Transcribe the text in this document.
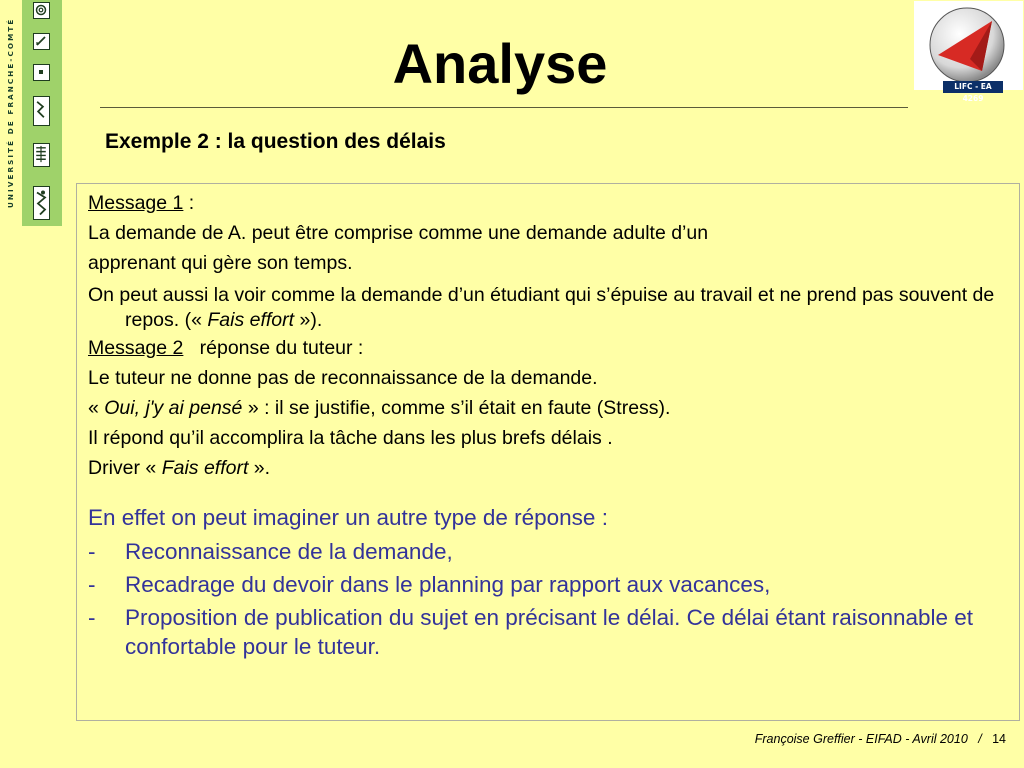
UNIVERSITÉ DE FRANCHE-COMTÉ	LIFC - EA 4269
Analyse
Exemple 2 : la question des délais

Message 1 :

La demande de A. peut être comprise comme une demande adulte d’un

apprenant qui gère son temps.

On peut aussi la voir comme la demande d’un étudiant qui s’épuise au travail et ne prend pas souvent de repos. (« Fais effort »).

Message 2   réponse du tuteur :

Le tuteur ne donne pas de reconnaissance de la demande.

« Oui, j'y ai pensé » : il se justifie, comme s’il était en faute (Stress).

Il répond qu’il accomplira la tâche dans les plus brefs délais .

Driver « Fais effort ».

En effet on peut imaginer un autre type de réponse :

-	Reconnaissance de la demande,
-	Recadrage du devoir dans le planning par rapport aux vacances,
-	Proposition de publication du sujet en précisant le délai. Ce délai étant raisonnable et confortable pour le tuteur.
Françoise Greffier - EIFAD - Avril 2010   /   14
